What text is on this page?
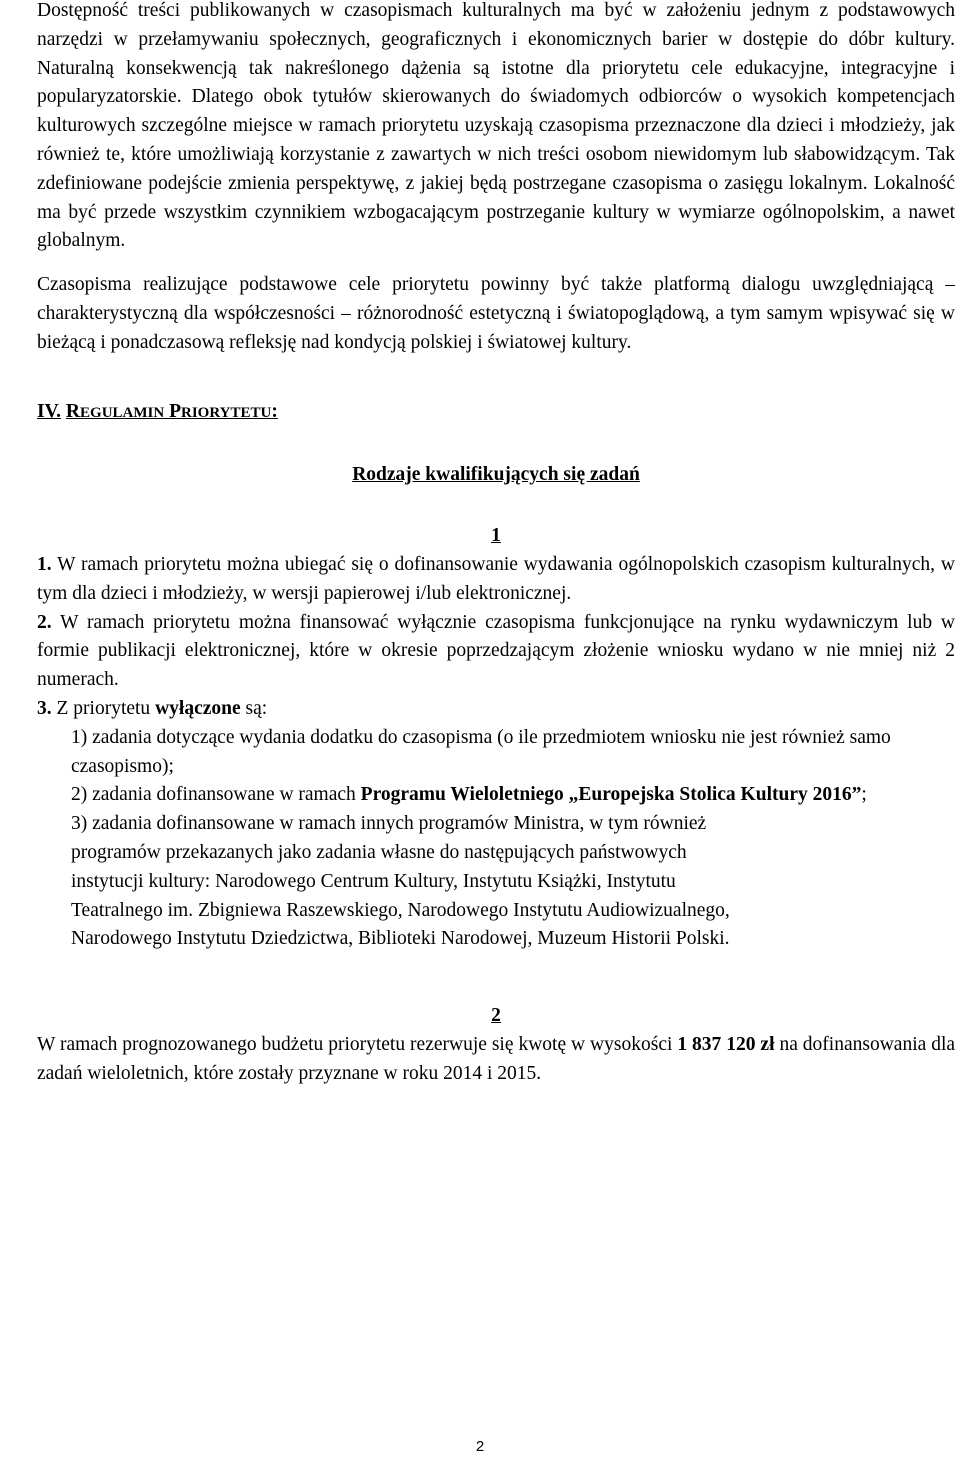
Dostępność treści publikowanych w czasopismach kulturalnych ma być w założeniu jednym z podstawowych narzędzi w przełamywaniu społecznych, geograficznych i ekonomicznych barier w dostępie do dóbr kultury. Naturalną konsekwencją tak nakreślonego dążenia są istotne dla priorytetu cele edukacyjne, integracyjne i popularyzatorskie. Dlatego obok tytułów skierowanych do świadomych odbiorców o wysokich kompetencjach kulturowych szczególne miejsce w ramach priorytetu uzyskają czasopisma przeznaczone dla dzieci i młodzieży, jak również te, które umożliwiają korzystanie z zawartych w nich treści osobom niewidomym lub słabowidzącym. Tak zdefiniowane podejście zmienia perspektywę, z jakiej będą postrzegane czasopisma o zasięgu lokalnym. Lokalność ma być przede wszystkim czynnikiem wzbogacającym postrzeganie kultury w wymiarze ogólnopolskim, a nawet globalnym.

Czasopisma realizujące podstawowe cele priorytetu powinny być także platformą dialogu uwzględniającą – charakterystyczną dla współczesności – różnorodność estetyczną i światopoglądową, a tym samym wpisywać się w bieżącą i ponadczasową refleksję nad kondycją polskiej i światowej kultury.

IV. REGULAMIN PRIORYTETU:

Rodzaje kwalifikujących się zadań

1

1. W ramach priorytetu można ubiegać się o dofinansowanie wydawania ogólnopolskich czasopism kulturalnych, w tym dla dzieci i młodzieży, w wersji papierowej i/lub elektronicznej.

2. W ramach priorytetu można finansować wyłącznie czasopisma funkcjonujące na rynku wydawniczym lub w formie publikacji elektronicznej, które w okresie poprzedzającym złożenie wniosku wydano w nie mniej niż 2 numerach.

3. Z priorytetu wyłączone są:

1) zadania dotyczące wydania dodatku do czasopisma (o ile przedmiotem wniosku nie jest również samo czasopismo);

2) zadania dofinansowane w ramach Programu Wieloletniego „Europejska Stolica Kultury 2016”;

3) zadania dofinansowane w ramach innych programów Ministra, w tym również
programów przekazanych jako zadania własne do następujących państwowych
instytucji kultury: Narodowego Centrum Kultury, Instytutu Książki, Instytutu
Teatralnego im. Zbigniewa Raszewskiego, Narodowego Instytutu Audiowizualnego,
Narodowego Instytutu Dziedzictwa, Biblioteki Narodowej, Muzeum Historii Polski.

2

W ramach prognozowanego budżetu priorytetu rezerwuje się kwotę w wysokości 1 837 120 zł na dofinansowania dla zadań wieloletnich, które zostały przyznane w roku 2014 i 2015.

2
